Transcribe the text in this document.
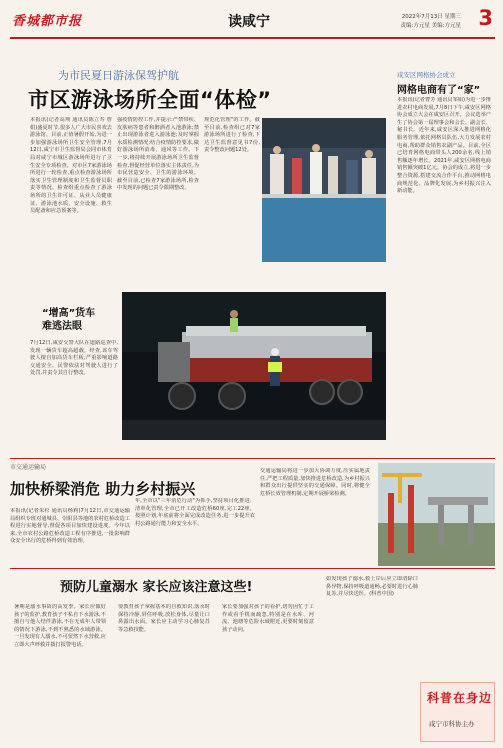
香城都市报	读咸宁	2022年7月13日 星期三
责编:方元星 美编:方元星 3
为市民夏日游泳保驾护航
市区游泳场所全面“体检”
本报讯(记者高翔 通讯员陈立寿 詹娟)盛夏时节,很多人广大市民喜欢去游泳馆。目前,正值暑假开始,为进一步加强游泳场所卫生安全管理,7月12日,咸宁市卫生监督局会同市体育局对咸宁市城区游泳场所进行了卫生安全专项检查。对市区7家游泳场所进行一轮检查,重点检查游泳场所落实卫生管理制度和卫生监督员职责等情况。检查组重点检查了游泳场所的卫生许可证、从业人员健康证、游泳池水质、安全设施、救生员配备和应急预案等。
强疫情防控工作,并提示:严禁带疾、皮肤病等患者和醉酒者入池游泳;禁止出现游泳者进入游泳池;及时掌握水质检测情况;结合疫情防控要求,做好游泳场所消毒、通风等工作。下一步,将持续开展游泳场所卫生监督检查,督促经营单位落实主体责任,为市民营造安全、卫生的游泳环境。截至目前,已检查7家游泳场所,检查中发现的问题已责令限期整改。
规范化管理"的工作。截至目前,检查组已对7家游泳场所进行了检查,下达卫生监督意见书7份,责令整改问题12处。
咸安区网格协会成立
网格电商有了“家”
本报讯(记者曹芳 通讯员邹娟)为进一步推进农村电商发展,7月8日下午,咸安区网格协会成立大会在咸安区召开。会议选举产生了协会第一届理事会和会长、副会长、秘书长。近年来,咸安区深入推进网格化服务管理,依托网格员队伍,大力发展农村电商,帮助群众销售农副产品。目前,全区已培育网格电商带头人200余名,线上销售额逐年增长。2021年,咸安区网格电商销售额突破1亿元。协会的成立,将进一步整合资源,搭建交流合作平台,推动网格电商规范化、品牌化发展,为乡村振兴注入新动能。
“增高”货车
难逃法眼
7月12日,咸安交警大队在道路巡查中,发现一辆货车超高超载。经查,该车驾驶人擅自加高货车栏板,严重影响道路交通安全。民警依法对驾驶人进行了处罚,并责令其自行整改。
市交通运输局
加快桥梁消危 助力乡村振兴
本报讯(记者朱杉 通讯员杨莉)7月12日,市交通运输局组织专班对通城县、崇阳县等地的农村危桥改造工程进行实地督导,督促各项目加快建设进度。今年以来,全市农村公路危桥改造工程有序推进,一批影响群众安全出行的危桥得到有效治理。
年,全市以"三年消危行动"为抓手,坚持项目化推进、清单化管理,全市已开工改造危桥60座,完工22座。按照计划,年底前将全面完成改造任务,进一步提升农村公路通行能力和安全水平。
交通运输局将进一步加大协调力度,压实属地责任,严把工程质量,加快推进危桥改造,为乡村振兴和群众出行提供坚实的交通保障。同时,将健全危桥长效管理机制,定期开展桥梁检测。
预防儿童溺水 家长应该注意这些!
暑期是溺水事故的高发季。家长应做好孩子的监护,教育孩子不私自下水游泳,不擅自与他人结伴游泳,不在无成年人带领的情况下游泳,不到不熟悉的水域游泳。一旦发现有人溺水,不可贸然下水营救,应立即大声呼救并拨打报警电话。
要教育孩子掌握基本的自救知识,落水时保持冷静,屏住呼吸,放松身体,尽量让口鼻露出水面。家长应主动学习心肺复苏等急救技能。
家长要加强对孩子的看护,切勿因忙于工作或看手机而疏忽,特别是在水库、河流、池塘等危险水域附近,更要时刻留意孩子动向。
如发现孩子溺水,救上岸后应立即清除口鼻异物,保持呼吸道通畅,必要时进行心肺复苏,并尽快送医。(科普中国)
科普在身边
咸宁市科协主办
